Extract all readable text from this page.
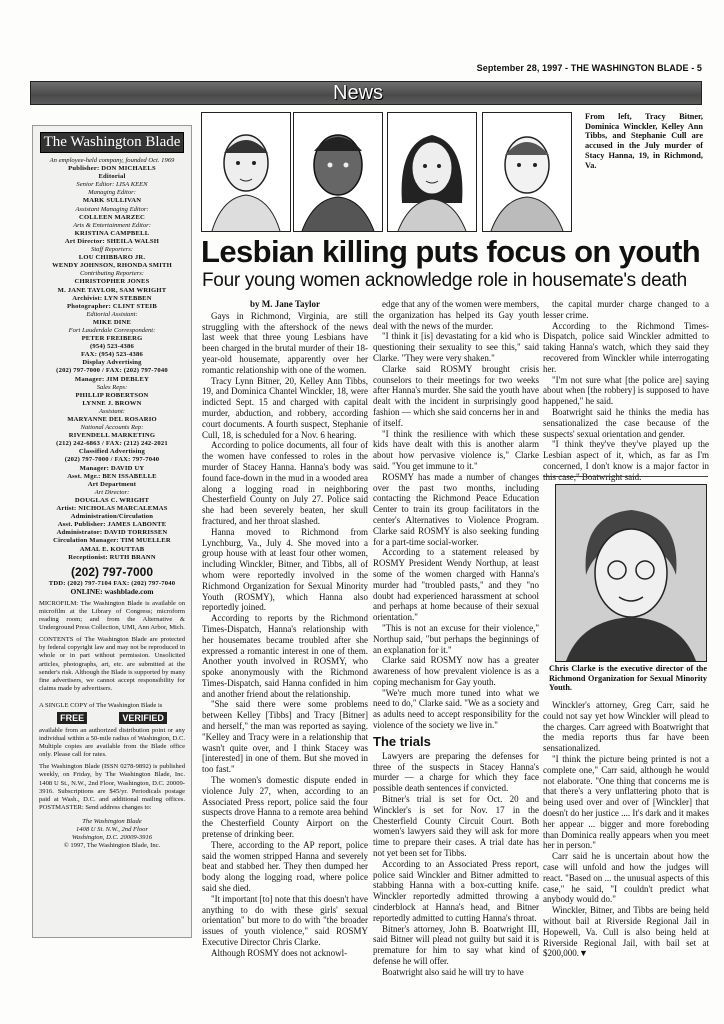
September 28, 1997 - THE WASHINGTON BLADE - 5
News
The Washington Blade
An employee-held company, founded Oct. 1969
Publisher: DON MICHAELS
Editorial
Senior Editor: LISA KEEN
Managing Editor:
MARK SULLIVAN
Assistant Managing Editor:
COLLEEN MARZEC
Arts & Entertainment Editor:
KRISTINA CAMPBELL
Art Director: SHEILA WALSH
Staff Reporters:
LOU CHIBBARO JR.
WENDY JOHNSON, RHONDA SMITH
Contributing Reporters:
CHRISTOPHER JONES
M. JANE TAYLOR, SAM WRIGHT
Archivist: LYN STEBBEN
Photographer: CLINT STEIB
Editorial Assistant:
MIKE DINE
Fort Lauderdale Correspondent:
PETER FREIBERG
(954) 523-4386
FAX: (954) 523-4386
Display Advertising
(202) 797-7000 / FAX: (202) 797-7040
Manager: JIM DEBLEY
Sales Reps:
PHILLIP ROBERTSON
LYNNE J. BROWN
Assistant:
MARYANNE DEL ROSARIO
National Accounts Rep:
RIVENDELL MARKETING
(212) 242-6863 / FAX: (212) 242-2021
Classified Advertising
(202) 797-7000 / FAX: 797-7040
Manager: DAVID UY
Asst. Mgr.: BEN ISSABELLE
Art Department
Art Director:
DOUGLAS C. WRIGHT
Artist: NICHOLAS MARCALEMAS
Administration/Circulation
Asst. Publisher: JAMES LABONTE
Administrator: DAVID TORRISSEN
Circulation Manager: TIM MUELLER
AMAL E. KOUTTAB
Receptionist: RUTH BRANN
(202) 797-7000
TDD: (202) 797-7104 FAX: (202) 797-7040
ONLINE: washblade.com
MICROFILM: The Washington Blade is available on microfilm at the Library of Congress; microform reading room; and from the Alternative & Underground Press Collection, UMI, Ann Arbor, Mich.
CONTENTS of The Washington Blade are protected by federal copyright law and may not be reproduced in whole or in part without permission. Unsolicited articles, photographs, art, etc. are submitted at the sender's risk. Although the Blade is supported by many fine advertisers, we cannot accept responsibility for claims made by advertisers.
A SINGLE COPY of The Washington Blade is
FREE	VERIFIED
available from an authorized distribution point or any individual within a 50-mile radius of Washington, D.C. Multiple copies are available from the Blade office only. Please call for rates.
The Washington Blade (ISSN 0278-9892) is published weekly, on Friday, by The Washington Blade, Inc. 1408 U St., N.W., 2nd Floor, Washington, D.C. 20009-3916. Subscriptions are $45/yr. Periodicals postage paid at Wash., D.C. and additional mailing offices. POSTMASTER: Send address changes to:
The Washington Blade
1408 U St. N.W., 2nd Floor
Washington, D.C. 20009-3916
© 1997, The Washington Blade, Inc.
From left, Tracy Bitner, Dominica Winckler, Kelley Ann Tibbs, and Stephanie Cull are accused in the July murder of Stacy Hanna, 19, in Richmond, Va.
Lesbian killing puts focus on youth
Four young women acknowledge role in housemate's death
by M. Jane Taylor

Gays in Richmond, Virginia, are still struggling with the aftershock of the news last week that three young Lesbians have been charged in the brutal murder of their 18-year-old housemate, apparently over her romantic relationship with one of the women.

Tracy Lynn Bitner, 20, Kelley Ann Tibbs, 19, and Dominica Chantel Winckler, 18, were indicted Sept. 15 and charged with capital murder, abduction, and robbery, according court documents. A fourth suspect, Stephanie Cull, 18, is scheduled for a Nov. 6 hearing.

According to police documents, all four of the women have confessed to roles in the murder of Stacey Hanna. Hanna's body was found face-down in the mud in a wooded area along a logging road in neighboring Chesterfield County on July 27. Police said she had been severely beaten, her skull fractured, and her throat slashed.

Hanna moved to Richmond from Lynchburg, Va., July 4. She moved into a group house with at least four other women, including Winckler, Bitner, and Tibbs, all of whom were reportedly involved in the Richmond Organization for Sexual Minority Youth (ROSMY), which Hanna also reportedly joined.

According to reports by the Richmond Times-Dispatch, Hanna's relationship with her housemates became troubled after she expressed a romantic interest in one of them. Another youth involved in ROSMY, who spoke anonymously with the Richmond Times-Dispatch, said Hanna confided in him and another friend about the relationship.

"She said there were some problems between Kelley [Tibbs] and Tracy [Bitner] and herself," the man was reported as saying. "Kelley and Tracy were in a relationship that wasn't quite over, and I think Stacey was [interested] in one of them. But she moved in too fast."

The women's domestic dispute ended in violence July 27, when, according to an Associated Press report, police said the four suspects drove Hanna to a remote area behind the Chesterfield County Airport on the pretense of drinking beer.

There, according to the AP report, police said the women stripped Hanna and severely beat and stabbed her. They then dumped her body along the logging road, where police said she died.

"It important [to] note that this doesn't have anything to do with these girls' sexual orientation" but more to do with "the broader issues of youth violence," said ROSMY Executive Director Chris Clarke.

Although ROSMY does not acknowl-

edge that any of the women were members, the organization has helped its Gay youth deal with the news of the murder.

"I think it [is] devastating for a kid who is questioning their sexuality to see this," said Clarke. "They were very shaken."

Clarke said ROSMY brought crisis counselors to their meetings for two weeks after Hanna's murder. She said the youth have dealt with the incident in surprisingly good fashion — which she said concerns her in and of itself.

"I think the resilience with which these kids have dealt with this is another alarm about how pervasive violence is," Clarke said. "You get immune to it."

ROSMY has made a number of changes over the past two months, including contacting the Richmond Peace Education Center to train its group facilitators in the center's Alternatives to Violence Program. Clarke said ROSMY is also seeking funding for a part-time social-worker.

According to a statement released by ROSMY President Wendy Northup, at least some of the women charged with Hanna's murder had "troubled pasts," and they "no doubt had experienced harassment at school and perhaps at home because of their sexual orientation."

"This is not an excuse for their violence," Northup said, "but perhaps the beginnings of an explanation for it."

Clarke said ROSMY now has a greater awareness of how prevalent violence is as a coping mechanism for Gay youth.

"We're much more tuned into what we need to do," Clarke said. "We as a society and as adults need to accept responsibility for the violence of the society we live in."

The trials

Lawyers are preparing the defenses for three of the suspects in Stacey Hanna's murder — a charge for which they face possible death sentences if convicted.

Bitner's trial is set for Oct. 20 and Winckler's is set for Nov. 17 in the Chesterfield County Circuit Court. Both women's lawyers said they will ask for more time to prepare their cases. A trial date has not yet been set for Tibbs.

According to an Associated Press report, police said Winckler and Bitner admitted to stabbing Hanna with a box-cutting knife. Winckler reportedly admitted throwing a cinderblock at Hanna's head, and Bitner reportedly admitted to cutting Hanna's throat.

Bitner's attorney, John B. Boatwright III, said Bitner will plead not guilty but said it is premature for him to say what kind of defense he will offer.

Boatwright also said he will try to have

the capital murder charge changed to a lesser crime.

According to the Richmond Times-Dispatch, police said Winckler admitted to taking Hanna's watch, which they said they recovered from Winckler while interrogating her.

"I'm not sure what [the police are] saying about when [the robbery] is supposed to have happened," he said.

Boatwright said he thinks the media has sensationalized the case because of the suspects' sexual orientation and gender.

"I think they've they've played up the Lesbian aspect of it, which, as far as I'm concerned, I don't know is a major factor in this case," Boatwright said.

Chris Clarke is the executive director of the Richmond Organization for Sexual Minority Youth.

Winckler's attorney, Greg Carr, said he could not say yet how Winckler will plead to the charges. Carr agreed with Boatwright that the media reports thus far have been sensationalized.

"I think the picture being printed is not a complete one," Carr said, although he would not elaborate. "One thing that concerns me is that there's a very unflattering photo that is being used over and over of [Winckler] that doesn't do her justice .... It's dark and it makes her appear ... bigger and more foreboding than Dominica really appears when you meet her in person."

Carr said he is uncertain about how the case will unfold and how the judges will react. "Based on ... the unusual aspects of this case," he said, "I couldn't predict what anybody would do."

Winckler, Bitner, and Tibbs are being held without bail at Riverside Regional Jail in Hopewell, Va. Cull is also being held at Riverside Regional Jail, with bail set at $200,000.▼
